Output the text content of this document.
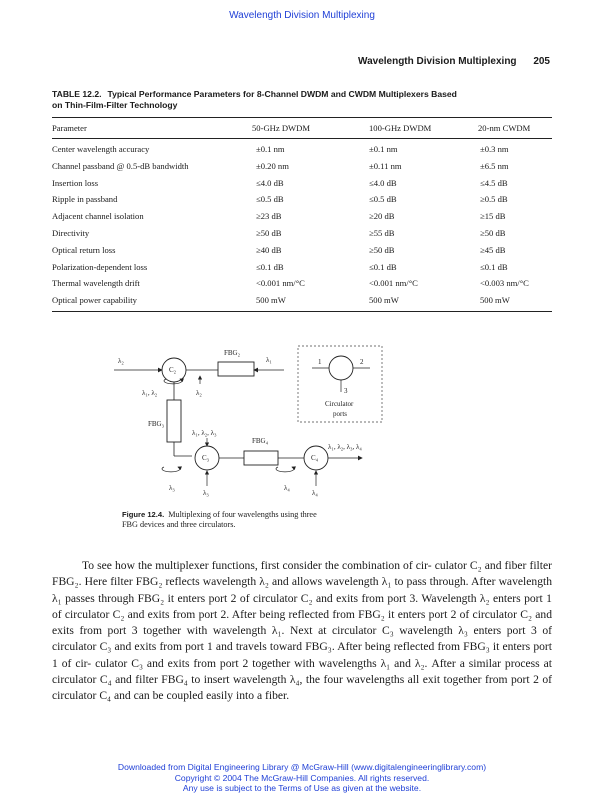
Wavelength Division Multiplexing
Wavelength Division Multiplexing 205
TABLE 12.2. Typical Performance Parameters for 8-Channel DWDM and CWDM Multiplexers Based
on Thin-Film-Filter Technology
Parameter	50-GHz DWDM	100-GHz DWDM	20-nm CWDM
Center wavelength accuracy	±0.1 nm	±0.1 nm	±0.3 nm
Channel passband @ 0.5-dB bandwidth	±0.20 nm	±0.11 nm	±6.5 nm
Insertion loss	≤4.0 dB	≤4.0 dB	≤4.5 dB
Ripple in passband	≤0.5 dB	≤0.5 dB	≥0.5 dB
Adjacent channel isolation	≥23 dB	≥20 dB	≥15 dB
Directivity	≥50 dB	≥55 dB	≥50 dB
Optical return loss	≥40 dB	≥50 dB	≥45 dB
Polarization-dependent loss	≤0.1 dB	≤0.1 dB	≤0.1 dB
Thermal wavelength drift	<0.001 nm/°C	<0.001 nm/°C	<0.003 nm/°C
Optical power capability	500 mW	500 mW	500 mW
C₂
FBG₂
λ₁
λ₂
λ₂
λ₁, λ₂
FBG₃
C₃
λ₁, λ₂, λ₃
λ₃
λ₃
FBG₄
C₄
λ₁, λ₂, λ₃, λ₄
λ₄
λ₄
1	2
3
Circulator
ports
Figure 12.4. Multiplexing of four wavelengths using three
FBG devices and three circulators.

To see how the multiplexer functions, first consider the combination of cir- culator C₂ and fiber filter FBG₂. Here filter FBG₂ reflects wavelength λ₂ and allows wavelength λ₁ to pass through. After wavelength λ₁ passes through FBG₂ it enters port 2 of circulator C₂ and exits from port 3. Wavelength λ₂ enters port 1 of circulator C₂ and exits from port 2. After being reflected from FBG₂ it enters port 2 of circulator C₂ and exits from port 3 together with wavelength λ₁. Next at circulator C₃ wavelength λ₃ enters port 3 of circulator C₃ and exits from port 1 and travels toward FBG₃. After being reflected from FBG₃ it enters port 1 of cir- culator C₃ and exits from port 2 together with wavelengths λ₁ and λ₂. After a similar process at circulator C₄ and filter FBG₄ to insert wavelength λ₄, the four wavelengths all exit together from port 2 of circulator C₄ and can be coupled easily into a fiber.

Downloaded from Digital Engineering Library @ McGraw-Hill (www.digitalengineeringlibrary.com)
Copyright © 2004 The McGraw-Hill Companies. All rights reserved.
Any use is subject to the Terms of Use as given at the website.
